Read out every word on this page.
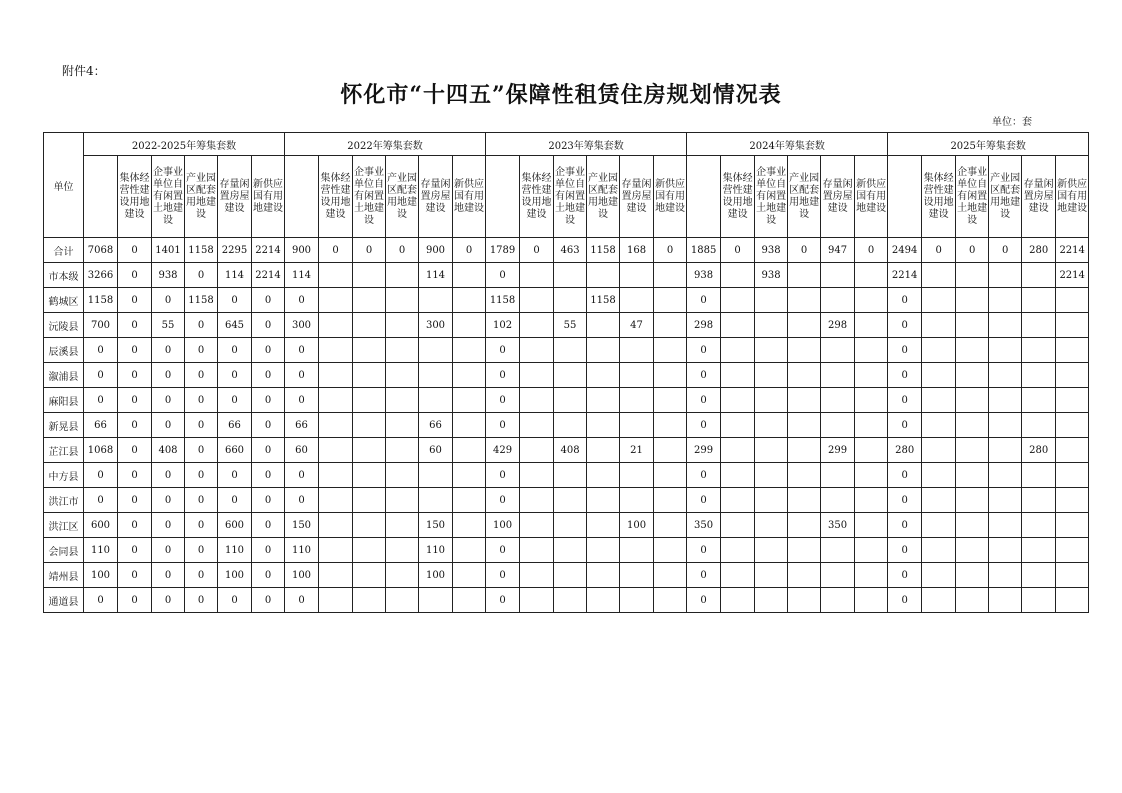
附件4：
怀化市“十四五”保障性租赁住房规划情况表
单位：套
单位	2022-2025年筹集套数						2022年筹集套数						2023年筹集套数						2024年筹集套数						2025年筹集套数					
		集体经营性建设用地建设	企事业单位自有闲置土地建设	产业园区配套用地建设	存量闲置房屋建设	新供应国有用地建设		集体经营性建设用地建设	企事业单位自有闲置土地建设	产业园区配套用地建设	存量闲置房屋建设	新供应国有用地建设		集体经营性建设用地建设	企事业单位自有闲置土地建设	产业园区配套用地建设	存量闲置房屋建设	新供应国有用地建设		集体经营性建设用地建设	企事业单位自有闲置土地建设	产业园区配套用地建设	存量闲置房屋建设	新供应国有用地建设		集体经营性建设用地建设	企事业单位自有闲置土地建设	产业园区配套用地建设	存量闲置房屋建设	新供应国有用地建设
合计	7068	0	1401	1158	2295	2214	900	0	0	0	900	0	1789	0	463	1158	168	0	1885	0	938	0	947	0	2494	0	0	0	280	2214
市本级	3266	0	938	0	114	2214	114				114		0						938		938				2214					2214
鹤城区	1158	0	0	1158	0	0	0						1158			1158			0						0					
沅陵县	700	0	55	0	645	0	300				300		102		55		47		298				298		0					
辰溪县	0	0	0	0	0	0	0						0						0						0					
溆浦县	0	0	0	0	0	0	0						0						0						0					
麻阳县	0	0	0	0	0	0	0						0						0						0					
新晃县	66	0	0	0	66	0	66				66		0						0						0					
芷江县	1068	0	408	0	660	0	60				60		429		408		21		299				299		280				280	
中方县	0	0	0	0	0	0	0						0						0						0					
洪江市	0	0	0	0	0	0	0						0						0						0					
洪江区	600	0	0	0	600	0	150				150		100				100		350				350		0					
会同县	110	0	0	0	110	0	110				110		0						0						0					
靖州县	100	0	0	0	100	0	100				100		0						0						0					
通道县	0	0	0	0	0	0	0						0						0						0					
